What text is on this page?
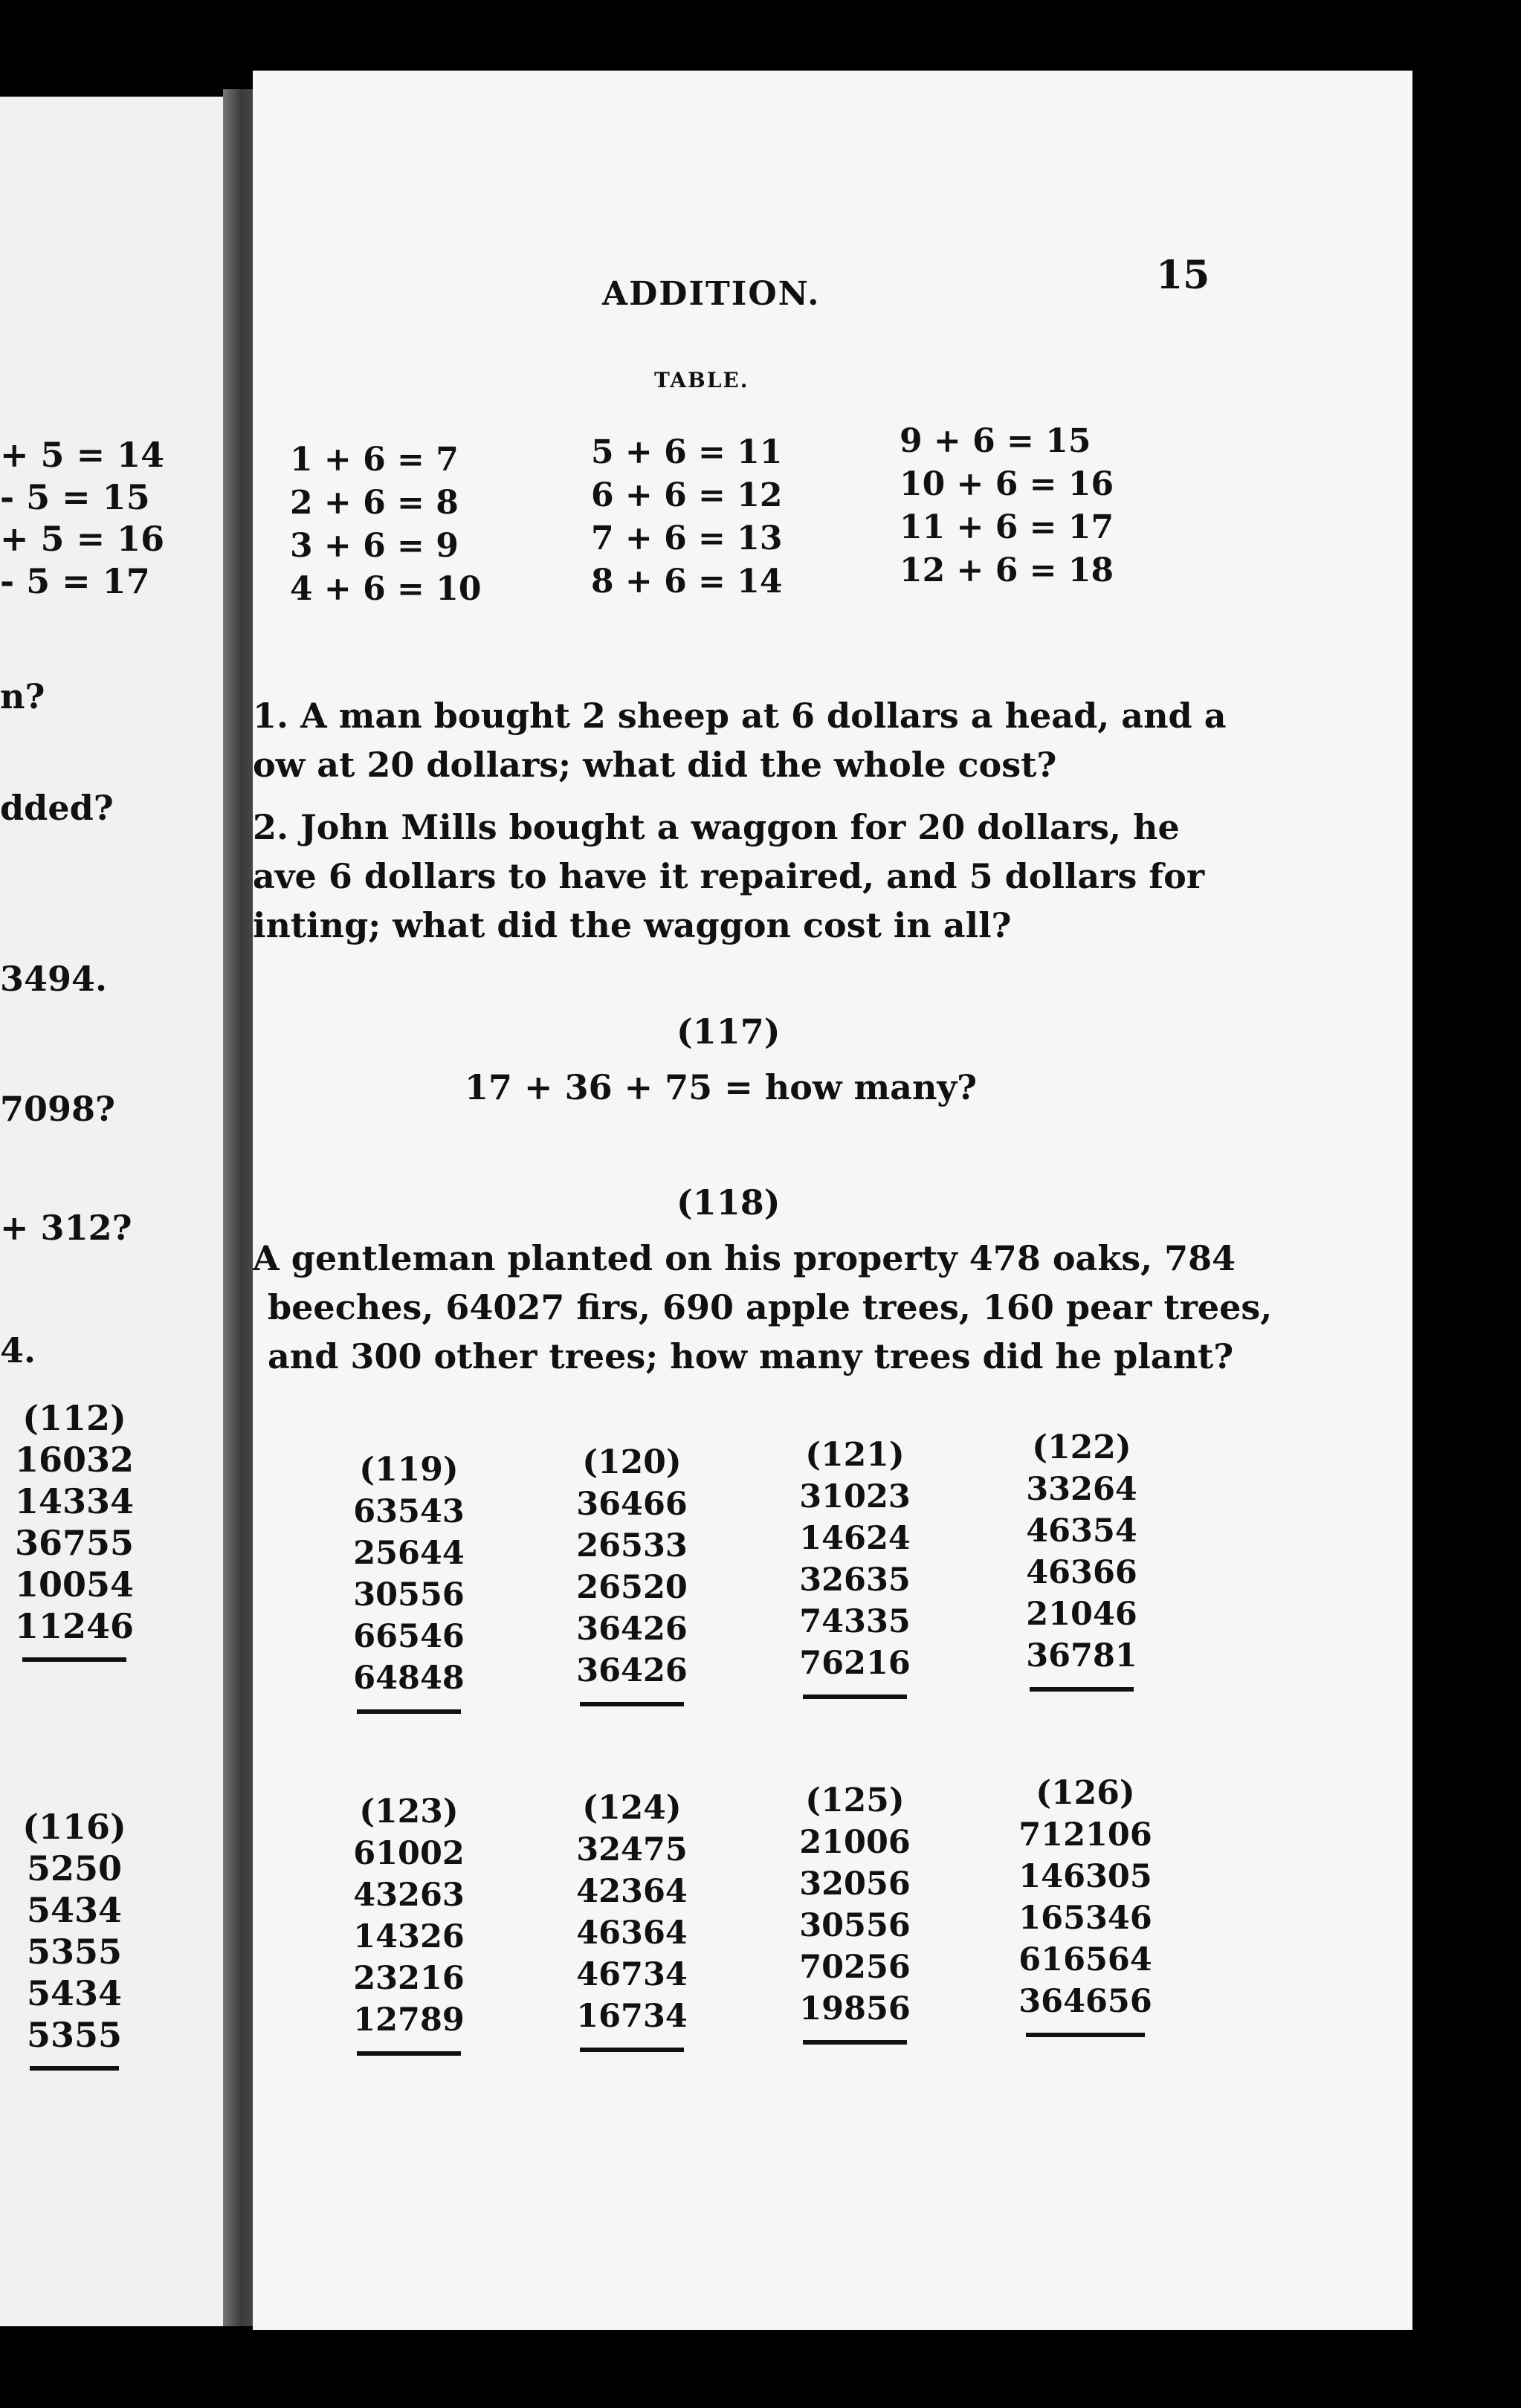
+ 5 = 14
- 5 = 15
+ 5 = 16
- 5 = 17
n?
dded?
3494.
7098?
+ 312?
4.
(112)
16032
14334
36755
10054
11246
(116)
5250
5434
5355
5434
5355
ADDITION.	15
TABLE.
1 + 6 = 7
2 + 6 = 8
3 + 6 = 9
4 + 6 = 10
5 + 6 = 11
6 + 6 = 12
7 + 6 = 13
8 + 6 = 14
9 + 6 = 15
10 + 6 = 16
11 + 6 = 17
12 + 6 = 18
1. A man bought 2 sheep at 6 dollars a head, and a
ow at 20 dollars; what did the whole cost?
2. John Mills bought a waggon for 20 dollars, he
ave 6 dollars to have it repaired, and 5 dollars for
inting; what did the waggon cost in all?
(117)
17 + 36 + 75 = how many?
(118)
A gentleman planted on his property 478 oaks, 784
beeches, 64027 firs, 690 apple trees, 160 pear trees,
and 300 other trees; how many trees did he plant?
(119)
63543
25644
30556
66546
64848
(120)
36466
26533
26520
36426
36426
(121)
31023
14624
32635
74335
76216
(122)
33264
46354
46366
21046
36781
(123)
61002
43263
14326
23216
12789
(124)
32475
42364
46364
46734
16734
(125)
21006
32056
30556
70256
19856
(126)
712106
146305
165346
616564
364656
